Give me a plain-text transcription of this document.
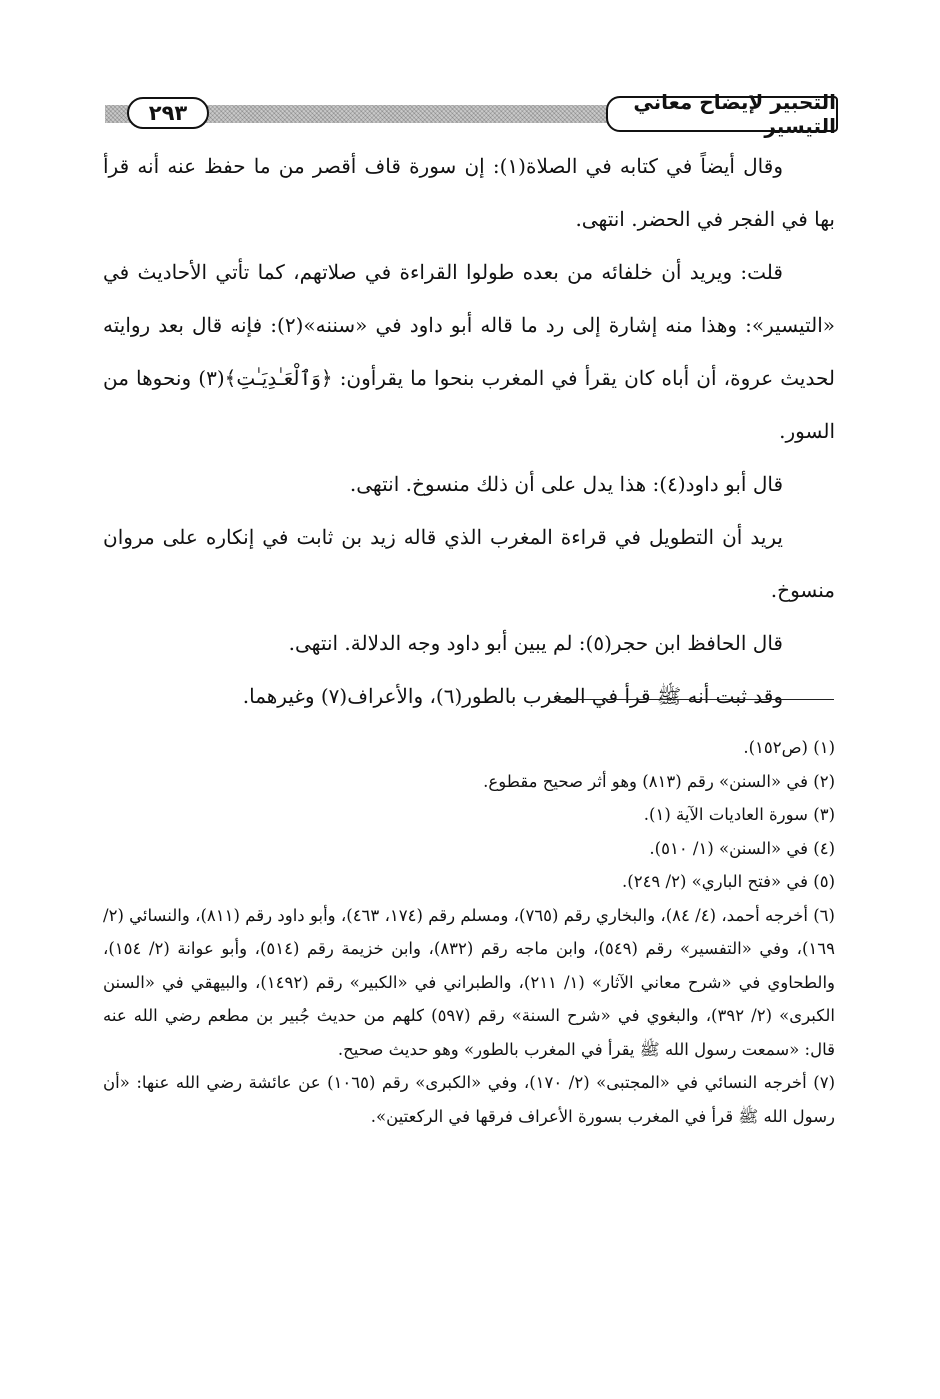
التحبير لإيضاح معاني التيسير
٢٩٣

وقال أيضاً في كتابه في الصلاة(١): إن سورة قاف أقصر من ما حفظ عنه أنه قرأ بها في الفجر في الحضر. انتهى.

قلت: ويريد أن خلفائه من بعده طولوا القراءة في صلاتهم، كما تأتي الأحاديث في «التيسير»: وهذا منه إشارة إلى رد ما قاله أبو داود في «سننه»(٢): فإنه قال بعد روايته لحديث عروة، أن أباه كان يقرأ في المغرب بنحوا ما يقرأون: ﴿وَٱلْعَـٰدِيَـٰتِ﴾(٣) ونحوها من السور.

قال أبو داود(٤): هذا يدل على أن ذلك منسوخ. انتهى.

يريد أن التطويل في قراءة المغرب الذي قاله زيد بن ثابت في إنكاره على مروان منسوخ.

قال الحافظ ابن حجر(٥): لم يبين أبو داود وجه الدلالة. انتهى.

وقد ثبت أنه ﷺ قرأ في المغرب بالطور(٦)، والأعراف(٧) وغيرهما.

(١) (ص١٥٢).

(٢) في «السنن» رقم (٨١٣) وهو أثر صحيح مقطوع.

(٣) سورة العاديات الآية (١).

(٤) في «السنن» (١/ ٥١٠).

(٥) في «فتح الباري» (٢/ ٢٤٩).

(٦) أخرجه أحمد، (٤/ ٨٤)، والبخاري رقم (٧٦٥)، ومسلم رقم (١٧٤، ٤٦٣)، وأبو داود رقم (٨١١)، والنسائي (٢/ ١٦٩)، وفي «التفسير» رقم (٥٤٩)، وابن ماجه رقم (٨٣٢)، وابن خزيمة رقم (٥١٤)، وأبو عوانة (٢/ ١٥٤)، والطحاوي في «شرح معاني الآثار» (١/ ٢١١)، والطبراني في «الكبير» رقم (١٤٩٢)، والبيهقي في «السنن الكبرى» (٢/ ٣٩٢)، والبغوي في «شرح السنة» رقم (٥٩٧) كلهم من حديث جُبير بن مطعم رضي الله عنه قال: «سمعت رسول الله ﷺ يقرأ في المغرب بالطور» وهو حديث صحيح.

(٧) أخرجه النسائي في «المجتبى» (٢/ ١٧٠)، وفي «الكبرى» رقم (١٠٦٥) عن عائشة رضي الله عنها: «أن رسول الله ﷺ قرأ في المغرب بسورة الأعراف فرقها في الركعتين».
